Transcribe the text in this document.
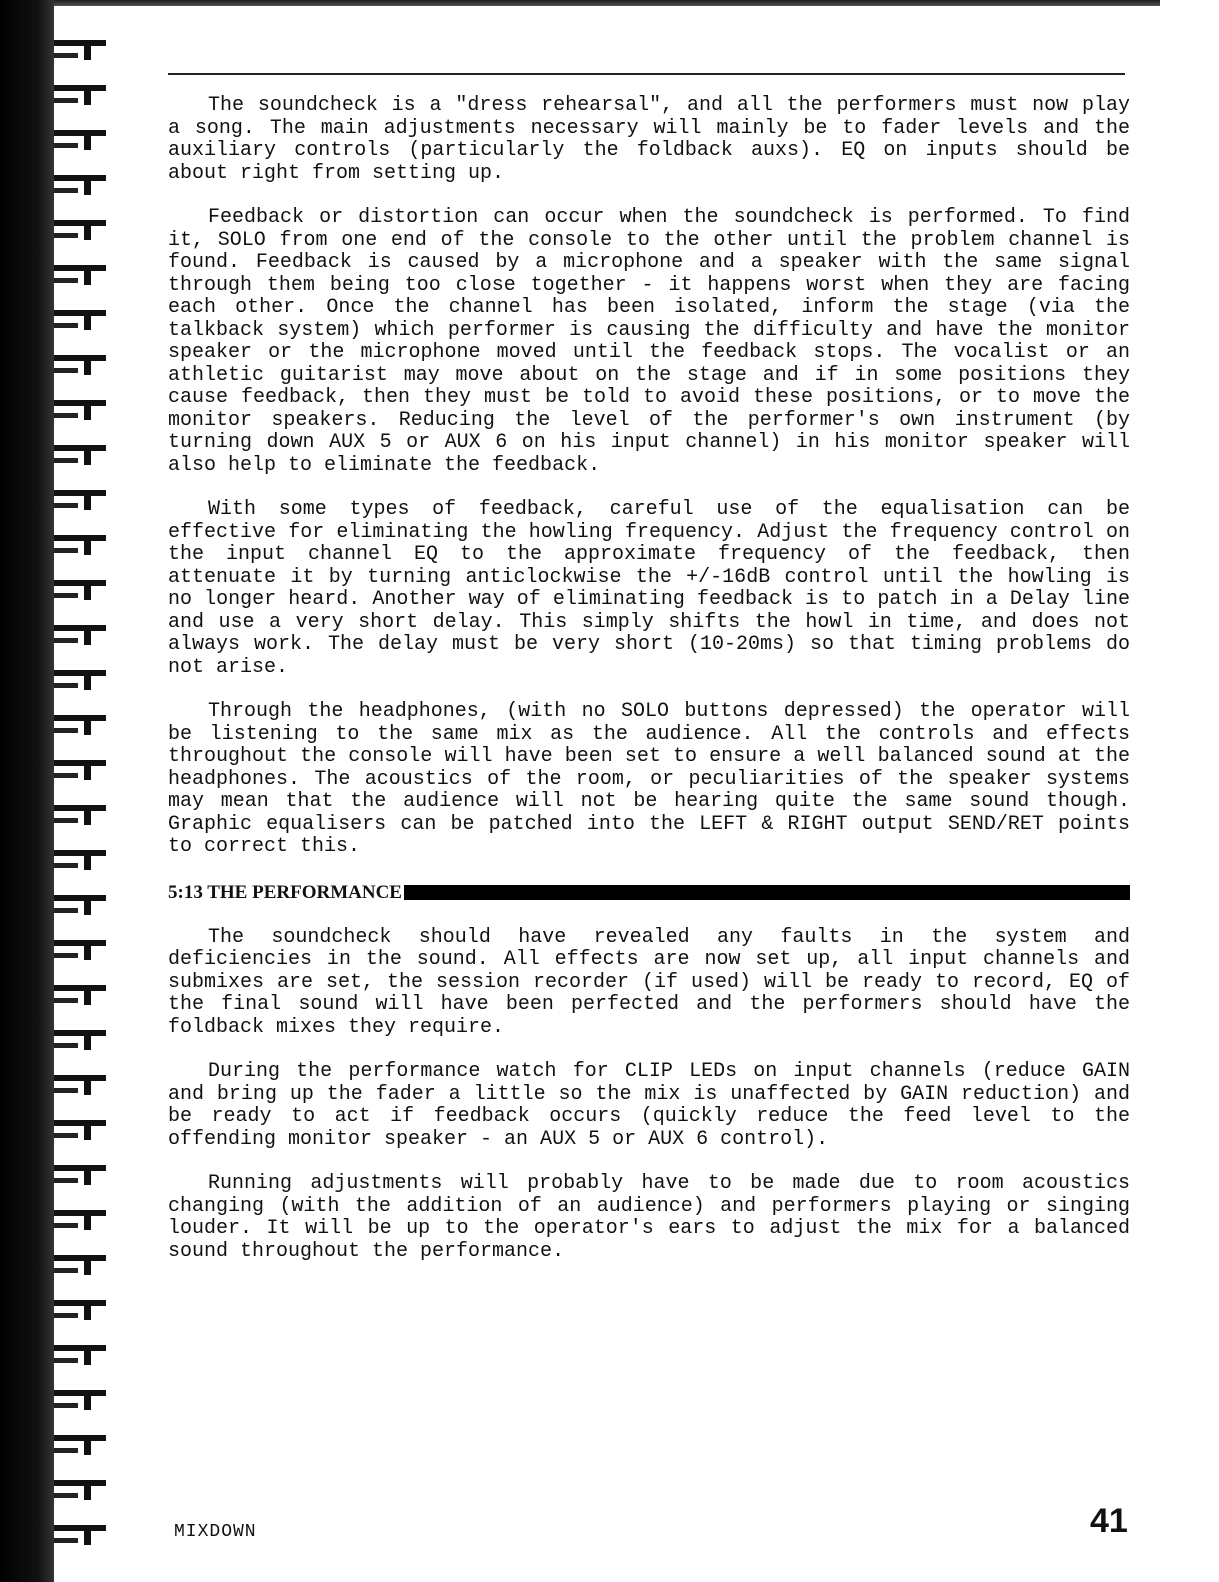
The soundcheck is a "dress rehearsal", and all the performers must now play a song. The main adjustments necessary will mainly be to fader levels and the auxiliary controls (particularly the foldback auxs). EQ on inputs should be about right from setting up.

Feedback or distortion can occur when the soundcheck is performed. To find it, SOLO from one end of the console to the other until the problem channel is found. Feedback is caused by a microphone and a speaker with the same signal through them being too close together - it happens worst when they are facing each other. Once the channel has been isolated, inform the stage (via the talkback system) which performer is causing the difficulty and have the monitor speaker or the microphone moved until the feedback stops. The vocalist or an athletic guitarist may move about on the stage and if in some positions they cause feedback, then they must be told to avoid these positions, or to move the monitor speakers. Reducing the level of the performer's own instrument (by turning down AUX 5 or AUX 6 on his input channel) in his monitor speaker will also help to eliminate the feedback.

With some types of feedback, careful use of the equalisation can be effective for eliminating the howling frequency. Adjust the frequency control on the input channel EQ to the approximate frequency of the feedback, then attenuate it by turning anticlockwise the +/-16dB control until the howling is no longer heard. Another way of eliminating feedback is to patch in a Delay line and use a very short delay. This simply shifts the howl in time, and does not always work. The delay must be very short (10-20ms) so that timing problems do not arise.

Through the headphones, (with no SOLO buttons depressed) the operator will be listening to the same mix as the audience. All the controls and effects throughout the console will have been set to ensure a well balanced sound at the headphones. The acoustics of the room, or peculiarities of the speaker systems may mean that the audience will not be hearing quite the same sound though. Graphic equalisers can be patched into the LEFT & RIGHT output SEND/RET points to correct this.

5:13 THE PERFORMANCE

The soundcheck should have revealed any faults in the system and deficiencies in the sound. All effects are now set up, all input channels and submixes are set, the session recorder (if used) will be ready to record, EQ of the final sound will have been perfected and the performers should have the foldback mixes they require.

During the performance watch for CLIP LEDs on input channels (reduce GAIN and bring up the fader a little so the mix is unaffected by GAIN reduction) and be ready to act if feedback occurs (quickly reduce the feed level to the offending monitor speaker - an AUX 5 or AUX 6 control).

Running adjustments will probably have to be made due to room acoustics changing (with the addition of an audience) and performers playing or singing louder. It will be up to the operator's ears to adjust the mix for a balanced sound throughout the performance.

MIXDOWN	41
